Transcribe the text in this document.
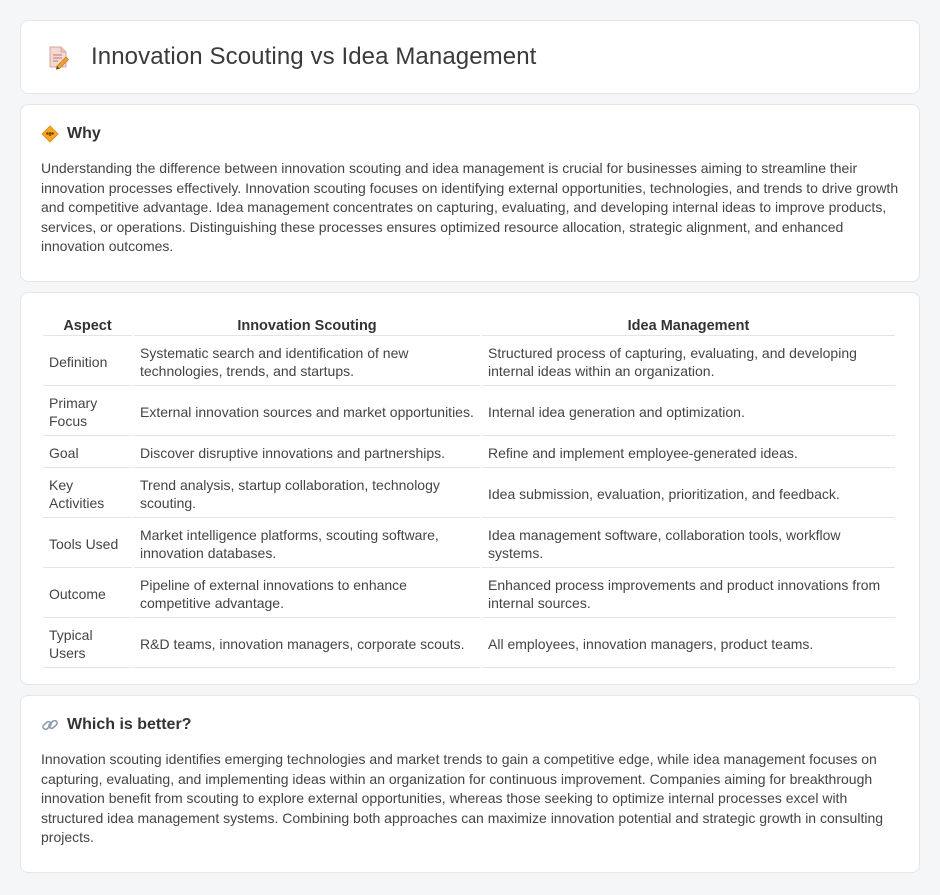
Innovation Scouting vs Idea Management
Why

Understanding the difference between innovation scouting and idea management is crucial for businesses aiming to streamline their innovation processes effectively. Innovation scouting focuses on identifying external opportunities, technologies, and trends to drive growth and competitive advantage. Idea management concentrates on capturing, evaluating, and developing internal ideas to improve products, services, or operations. Distinguishing these processes ensures optimized resource allocation, strategic alignment, and enhanced innovation outcomes.

Aspect	Innovation Scouting	Idea Management
Definition	Systematic search and identification of new technologies, trends, and startups.	Structured process of capturing, evaluating, and developing internal ideas within an organization.
Primary Focus	External innovation sources and market opportunities.	Internal idea generation and optimization.
Goal	Discover disruptive innovations and partnerships.	Refine and implement employee-generated ideas.
Key Activities	Trend analysis, startup collaboration, technology scouting.	Idea submission, evaluation, prioritization, and feedback.
Tools Used	Market intelligence platforms, scouting software, innovation databases.	Idea management software, collaboration tools, workflow systems.
Outcome	Pipeline of external innovations to enhance competitive advantage.	Enhanced process improvements and product innovations from internal sources.
Typical Users	R&D teams, innovation managers, corporate scouts.	All employees, innovation managers, product teams.
Which is better?

Innovation scouting identifies emerging technologies and market trends to gain a competitive edge, while idea management focuses on capturing, evaluating, and implementing ideas within an organization for continuous improvement. Companies aiming for breakthrough innovation benefit from scouting to explore external opportunities, whereas those seeking to optimize internal processes excel with structured idea management systems. Combining both approaches can maximize innovation potential and strategic growth in consulting projects.
